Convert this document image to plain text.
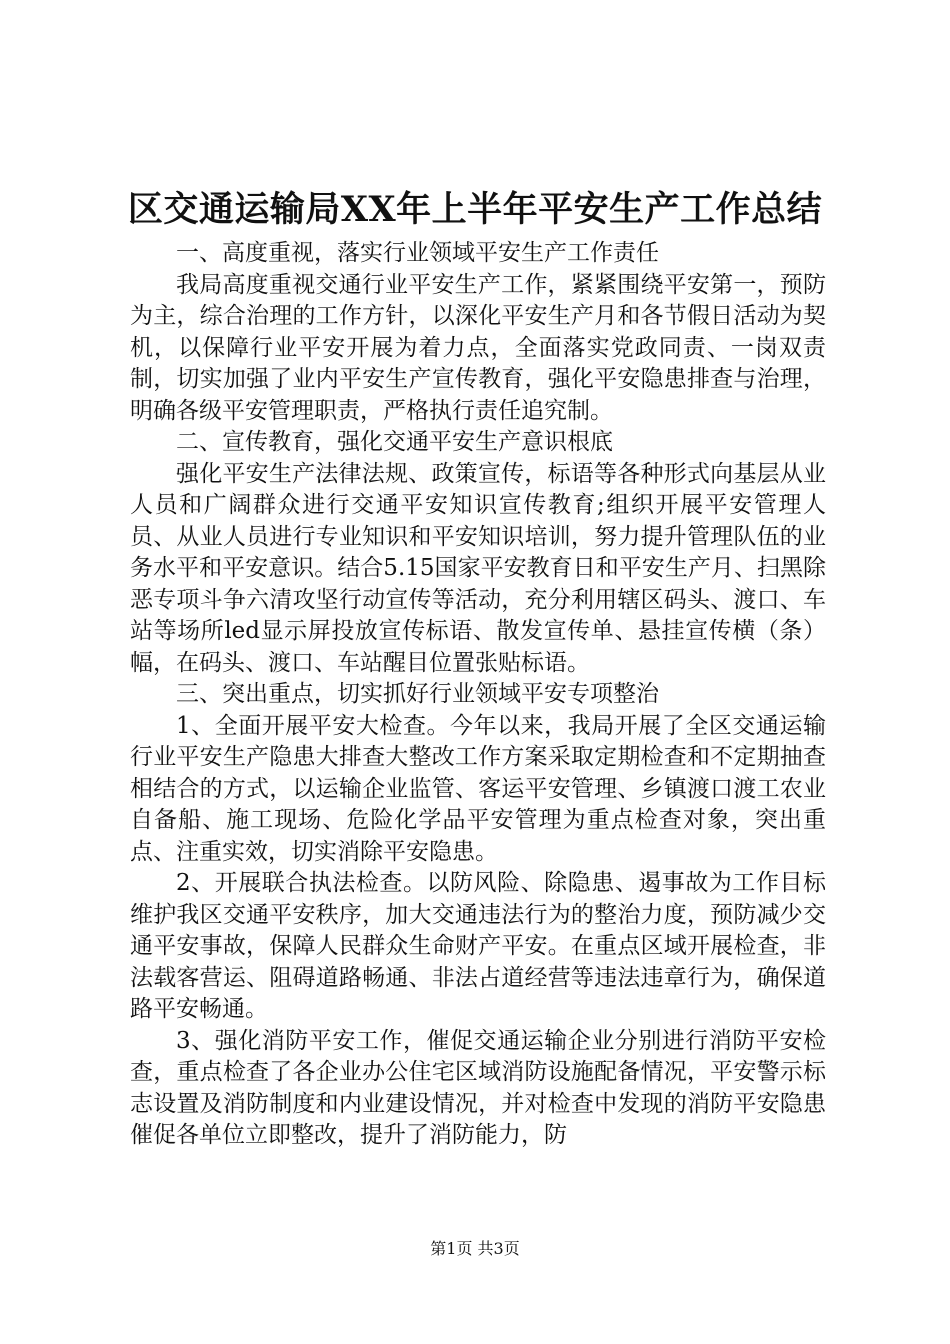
区交通运输局XX年上半年平安生产工作总结

一、高度重视，落实行业领域平安生产工作责任

我局高度重视交通行业平安生产工作，紧紧围绕平安第一，预防为主，综合治理的工作方针，以深化平安生产月和各节假日活动为契机，以保障行业平安开展为着力点，全面落实党政同责、一岗双责制，切实加强了业内平安生产宣传教育，强化平安隐患排查与治理，明确各级平安管理职责，严格执行责任追究制。

二、宣传教育，强化交通平安生产意识根底

强化平安生产法律法规、政策宣传，标语等各种形式向基层从业人员和广阔群众进行交通平安知识宣传教育;组织开展平安管理人员、从业人员进行专业知识和平安知识培训，努力提升管理队伍的业务水平和平安意识。结合5.15国家平安教育日和平安生产月、扫黑除恶专项斗争六清攻坚行动宣传等活动，充分利用辖区码头、渡口、车站等场所led显示屏投放宣传标语、散发宣传单、悬挂宣传横（条）幅，在码头、渡口、车站醒目位置张贴标语。

三、突出重点，切实抓好行业领域平安专项整治

1、全面开展平安大检查。今年以来，我局开展了全区交通运输行业平安生产隐患大排查大整改工作方案采取定期检查和不定期抽查相结合的方式，以运输企业监管、客运平安管理、乡镇渡口渡工农业自备船、施工现场、危险化学品平安管理为重点检查对象，突出重点、注重实效，切实消除平安隐患。

2、开展联合执法检查。以防风险、除隐患、遏事故为工作目标维护我区交通平安秩序，加大交通违法行为的整治力度，预防减少交通平安事故，保障人民群众生命财产平安。在重点区域开展检查，非法载客营运、阻碍道路畅通、非法占道经营等违法违章行为，确保道路平安畅通。

3、强化消防平安工作，催促交通运输企业分别进行消防平安检查，重点检查了各企业办公住宅区域消防设施配备情况，平安警示标志设置及消防制度和内业建设情况，并对检查中发现的消防平安隐患催促各单位立即整改，提升了消防能力，防

第1页 共3页
